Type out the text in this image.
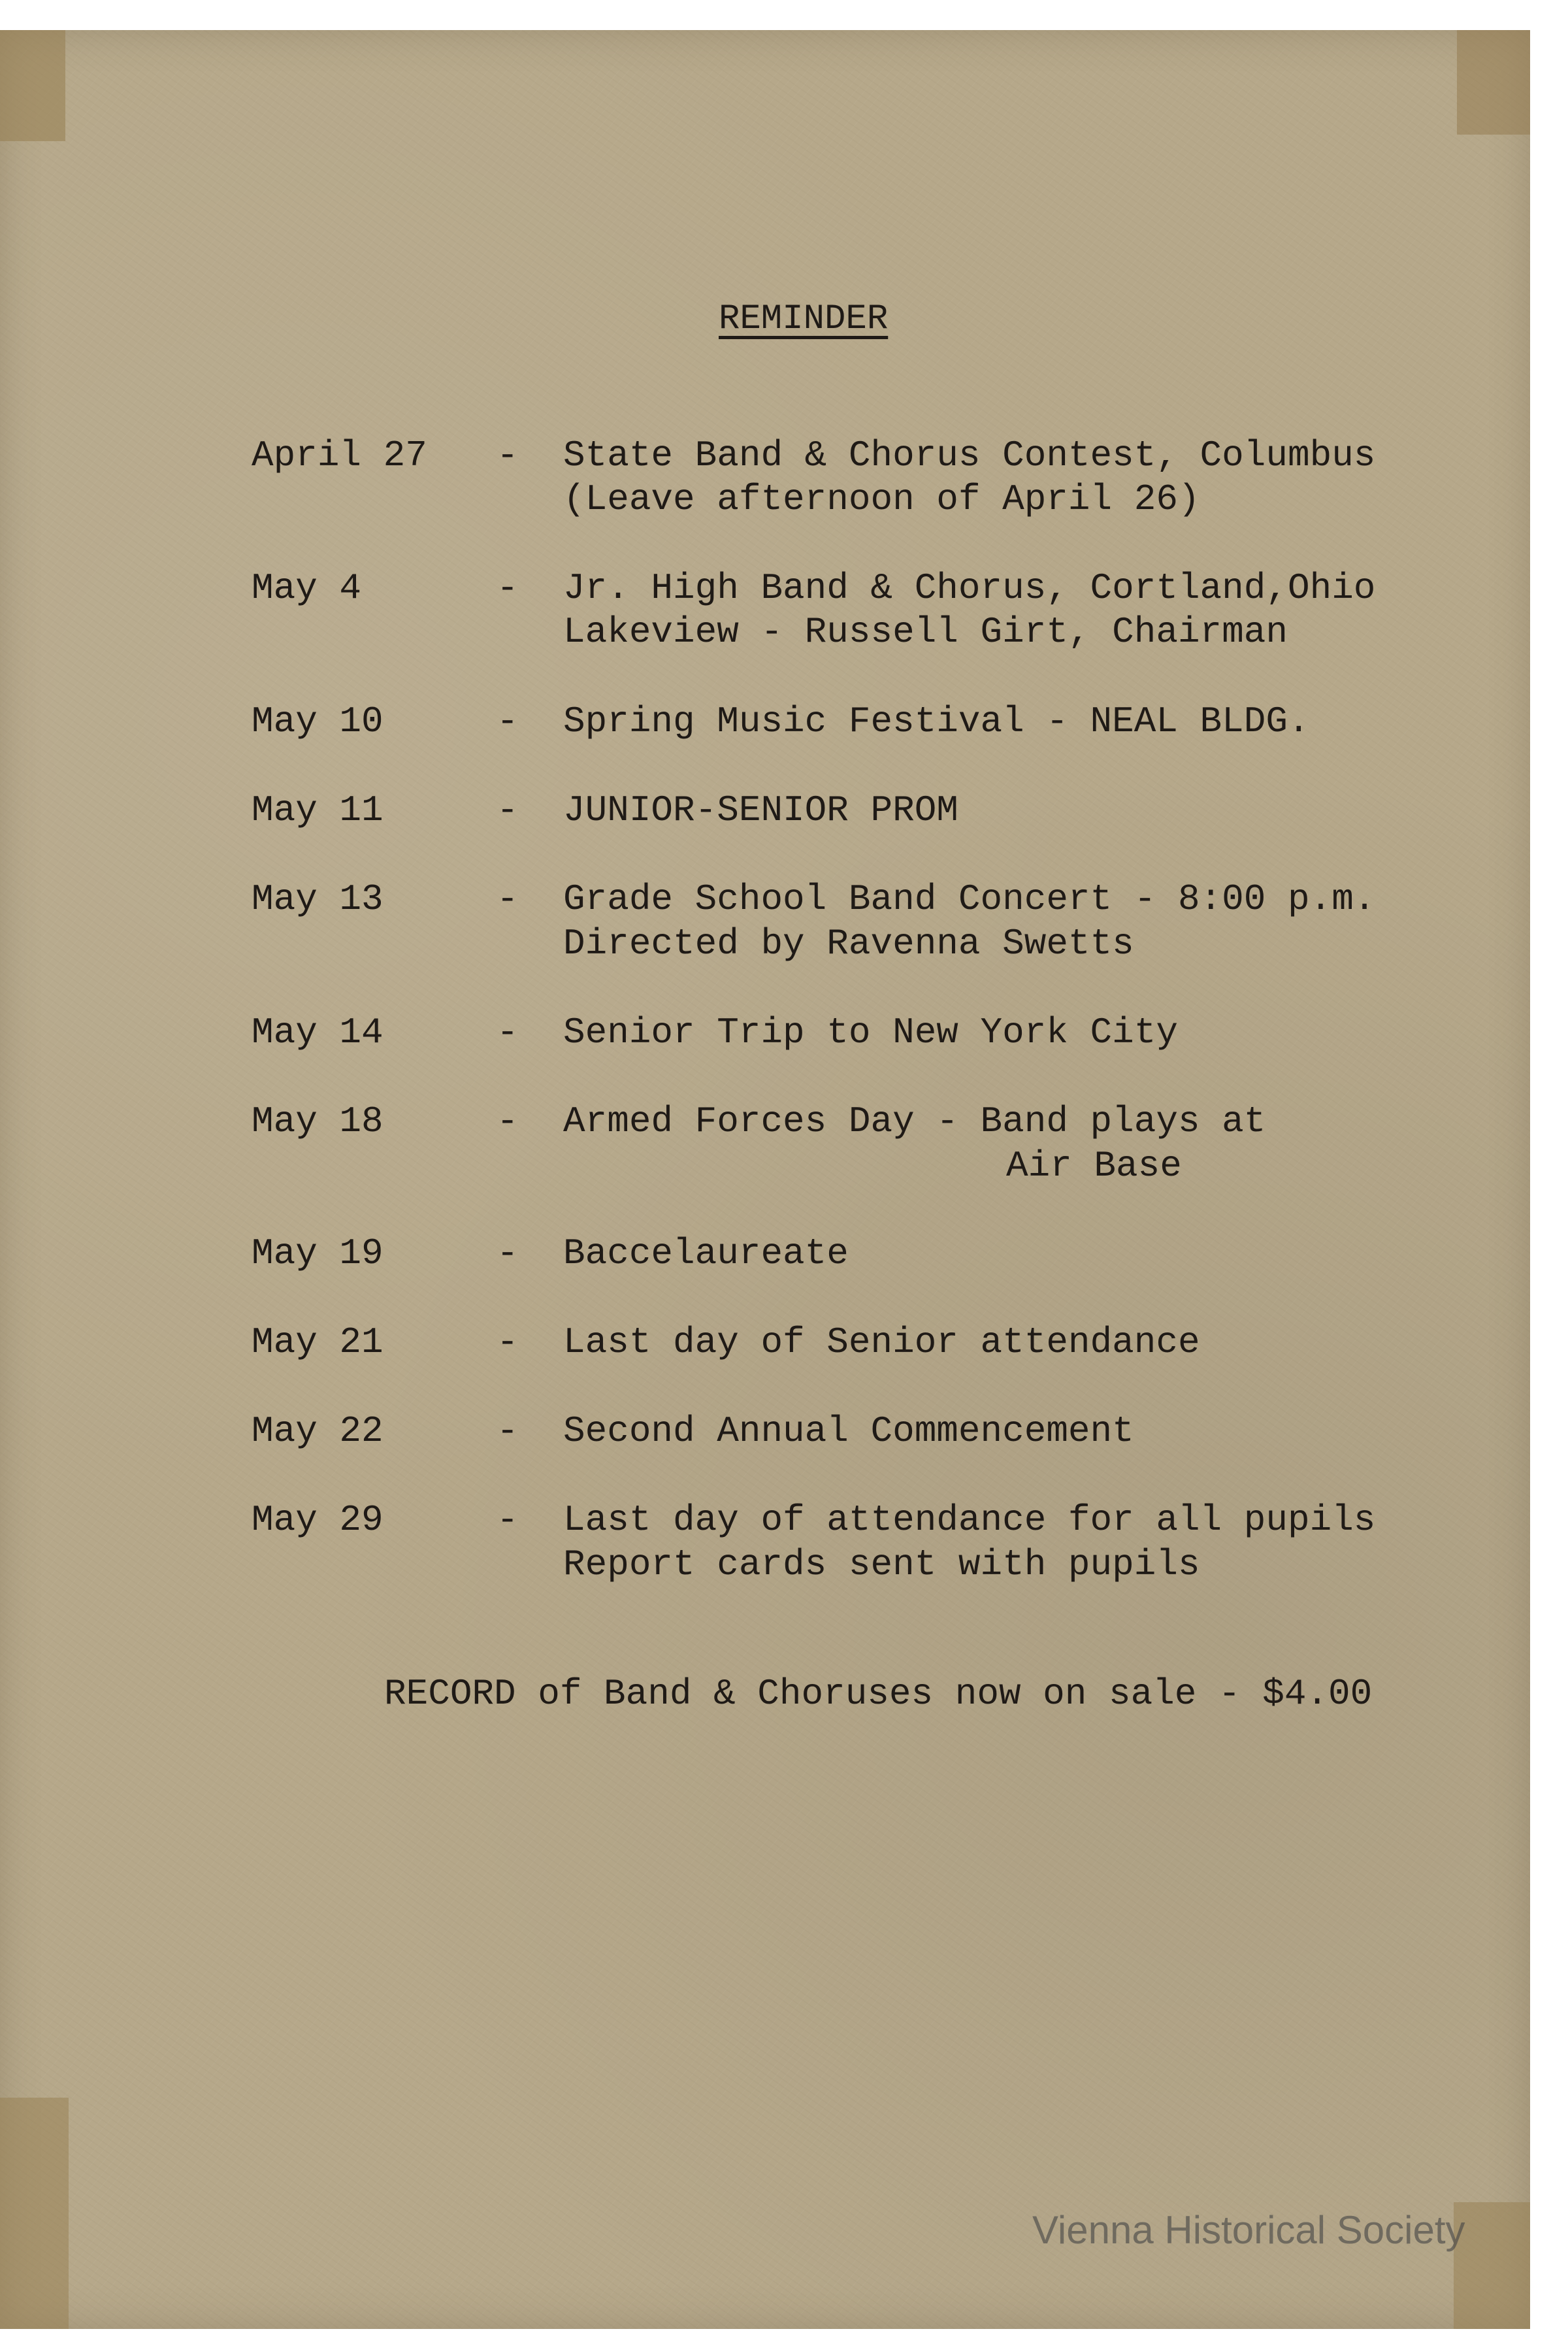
REMINDER
April 27 - State Band & Chorus Contest, Columbus
(Leave afternoon of April 26)
May 4	- Jr. High Band & Chorus, Cortland,Ohio
Lakeview - Russell Girt, Chairman
May 10	- Spring Music Festival - NEAL BLDG.
May 11	- JUNIOR-SENIOR PROM
May 13	- Grade School Band Concert - 8:00 p.m.
Directed by Ravenna Swetts
May 14	- Senior Trip to New York City
May 18	- Armed Forces Day - Band plays at
Air Base
May 19	- Baccelaureate
May 21	- Last day of Senior attendance
May 22	- Second Annual Commencement
May 29	- Last day of attendance for all pupils
Report cards sent with pupils
RECORD of Band & Choruses now on sale - $4.00
Vienna Historical Society
